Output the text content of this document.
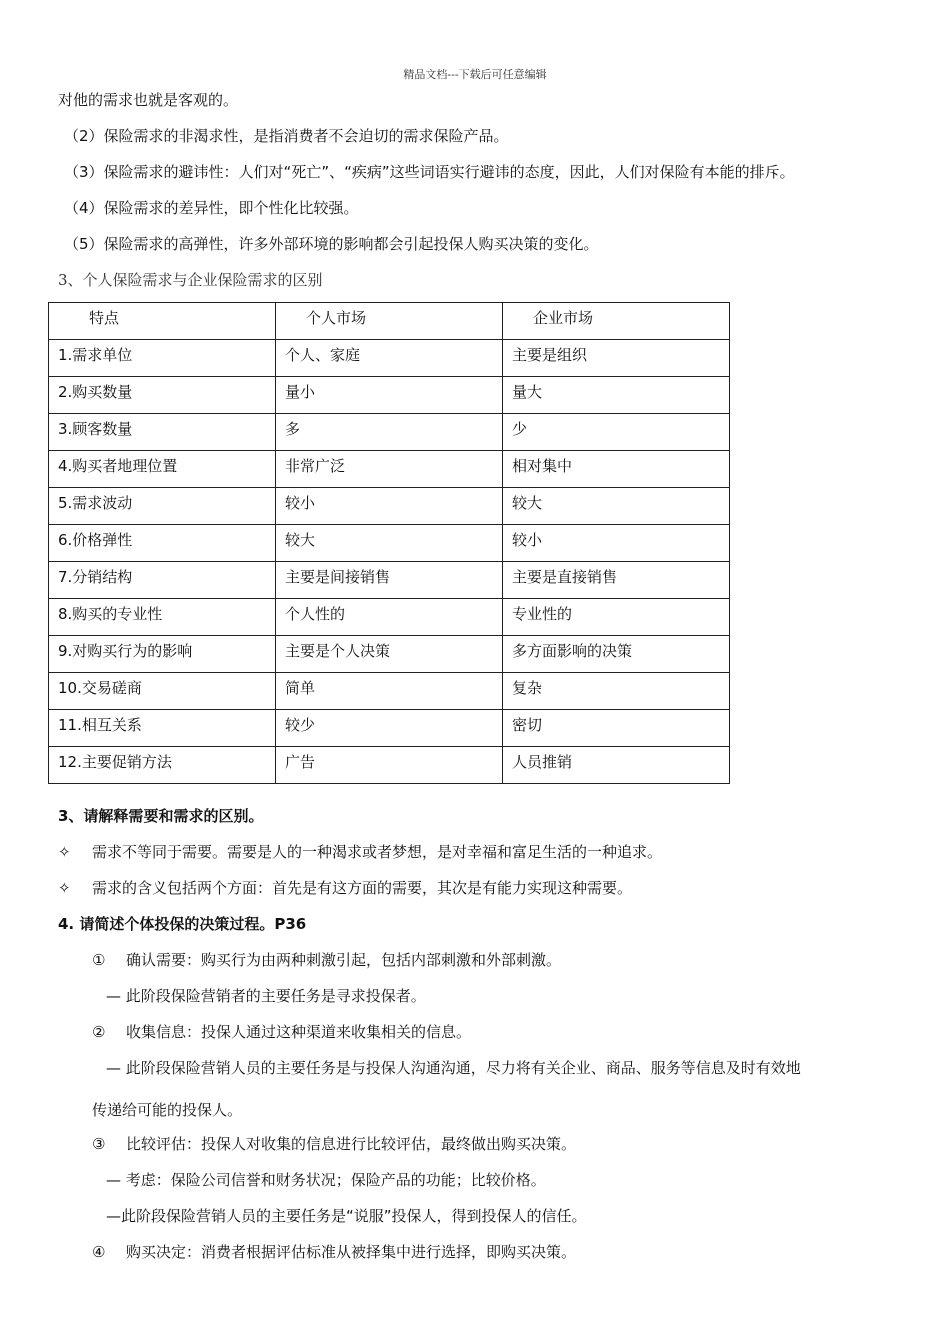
精品文档---下载后可任意编辑
对他的需求也就是客观的。
（2）保险需求的非渴求性，是指消费者不会迫切的需求保险产品。
（3）保险需求的避讳性：人们对“死亡”、“疾病”这些词语实行避讳的态度，因此，人们对保险有本能的排斥。
（4）保险需求的差异性，即个性化比较强。
（5）保险需求的高弹性，许多外部环境的影响都会引起投保人购买决策的变化。
3、个人保险需求与企业保险需求的区别
特点	个人市场	企业市场
1.需求单位	个人、家庭	主要是组织
2.购买数量	量小	量大
3.顾客数量	多	少
4.购买者地理位置	非常广泛	相对集中
5.需求波动	较小	较大
6.价格弹性	较大	较小
7.分销结构	主要是间接销售	主要是直接销售
8.购买的专业性	个人性的	专业性的
9.对购买行为的影响	主要是个人决策	多方面影响的决策
10.交易磋商	简单	复杂
11.相互关系	较少	密切
12.主要促销方法	广告	人员推销
3、请解释需要和需求的区别。
✧ 需求不等同于需要。需要是人的一种渴求或者梦想，是对幸福和富足生活的一种追求。
✧ 需求的含义包括两个方面：首先是有这方面的需要，其次是有能力实现这种需要。
4. 请简述个体投保的决策过程。P36
① 确认需要：购买行为由两种刺激引起，包括内部刺激和外部刺激。
— 此阶段保险营销者的主要任务是寻求投保者。
② 收集信息：投保人通过这种渠道来收集相关的信息。
— 此阶段保险营销人员的主要任务是与投保人沟通沟通，尽力将有关企业、商品、服务等信息及时有效地
传递给可能的投保人。
③ 比较评估：投保人对收集的信息进行比较评估，最终做出购买决策。
— 考虑：保险公司信誉和财务状况；保险产品的功能；比较价格。
—此阶段保险营销人员的主要任务是“说服”投保人，得到投保人的信任。
④ 购买决定：消费者根据评估标准从被择集中进行选择，即购买决策。
